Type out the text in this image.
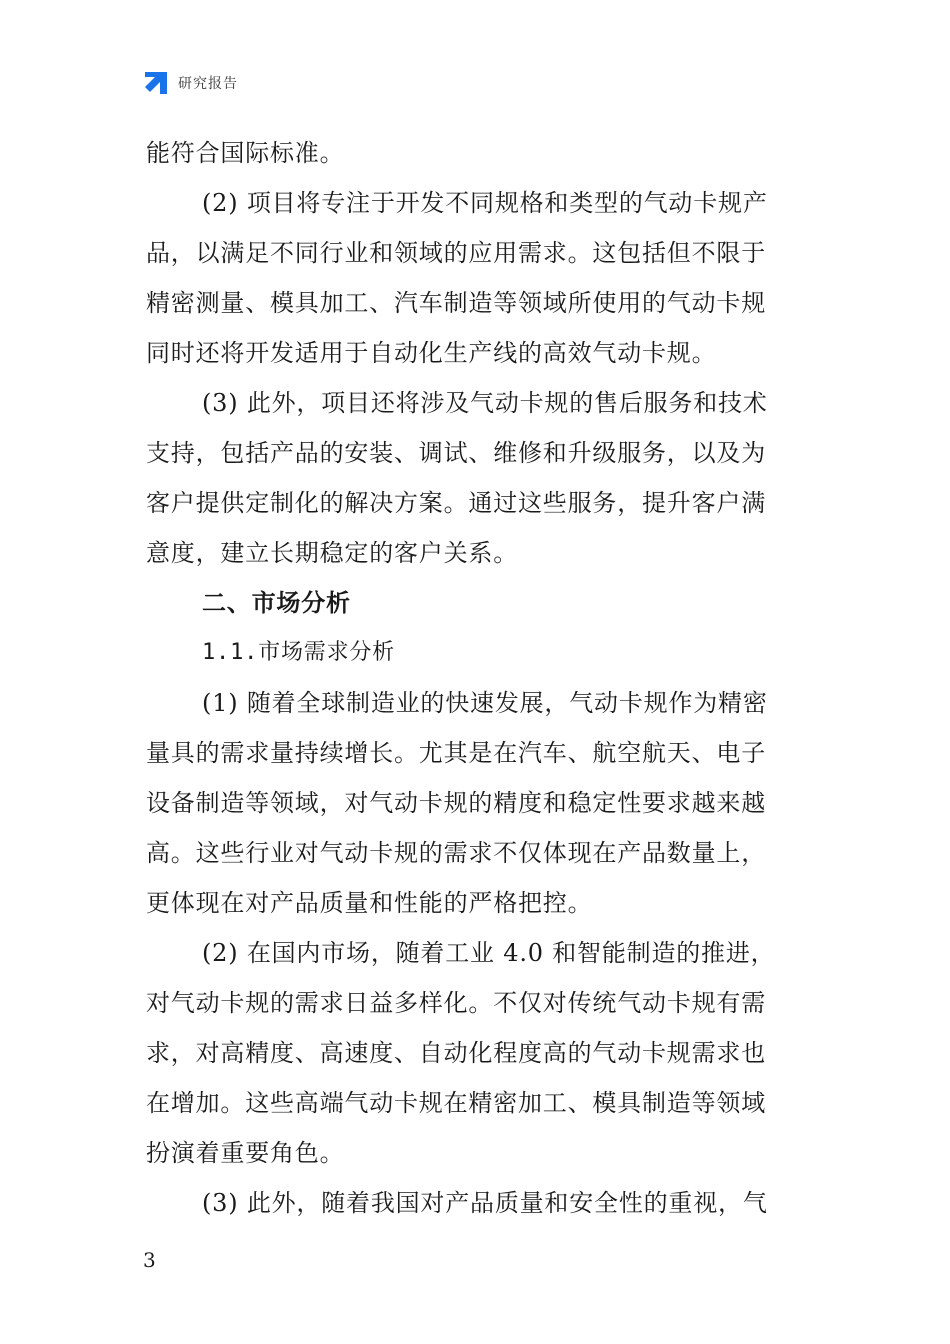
研究报告
能符合国际标准。
(2) 项目将专注于开发不同规格和类型的气动卡规产
品，以满足不同行业和领域的应用需求。这包括但不限于
精密测量、模具加工、汽车制造等领域所使用的气动卡规
同时还将开发适用于自动化生产线的高效气动卡规。
(3) 此外，项目还将涉及气动卡规的售后服务和技术
支持，包括产品的安装、调试、维修和升级服务，以及为
客户提供定制化的解决方案。通过这些服务，提升客户满
意度，建立长期稳定的客户关系。
二、市场分析
1.1.市场需求分析
(1) 随着全球制造业的快速发展，气动卡规作为精密
量具的需求量持续增长。尤其是在汽车、航空航天、电子
设备制造等领域，对气动卡规的精度和稳定性要求越来越
高。这些行业对气动卡规的需求不仅体现在产品数量上，
更体现在对产品质量和性能的严格把控。
(2) 在国内市场，随着工业 4.0 和智能制造的推进，
对气动卡规的需求日益多样化。不仅对传统气动卡规有需
求，对高精度、高速度、自动化程度高的气动卡规需求也
在增加。这些高端气动卡规在精密加工、模具制造等领域
扮演着重要角色。
(3) 此外，随着我国对产品质量和安全性的重视，气
3
